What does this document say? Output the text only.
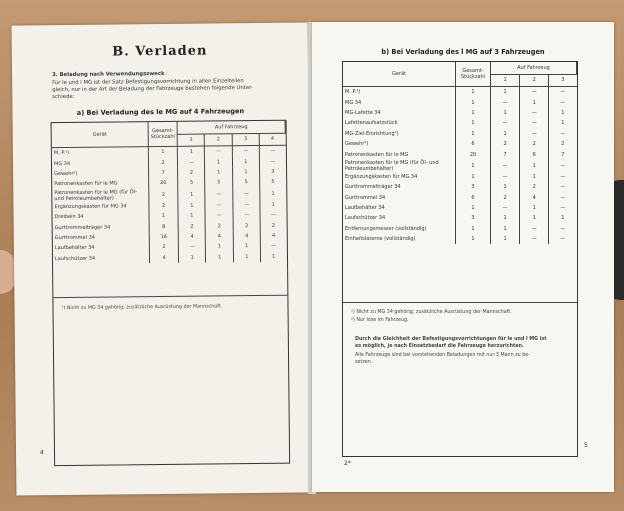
B. Verladen
3. Beladung nach Verwendungszweck
Für le und l MG ist der Satz Befestigungsvorrichtung in allen Einzelteilen
gleich, nur in der Art der Beladung der Fahrzeuge bestehen folgende Unter-
schiede:
a) Bei Verladung des le MG auf 4 Fahrzeugen
Gerät	Gesamt-Stückzahl	Auf Fahrzeug			
		1	2	3	4
M. P.¹)	1	1	—	—	—
MG 34	2	—	1	1	—
Gewehr²)	7	2	1	1	3
Patronenkasten für le MG	20	5	5	5	5
Patronenkasten für le MG (für Öl- und Petroleumbehälter)	2	1	—	—	1
Ergänzungskasten für MG 34	2	1	—	—	1
Dreibein 34	1	1	—	—	—
Gurttrommelträger 34	8	2	2	2	2
Gurttrommel 34	16	4	4	4	4
Laufbehälter 34	2	—	1	1	—
Laufschützer 34	4	1	1	1	1
¹) Nicht zu MG 34 gehörig; zusätzliche Ausrüstung der Mannschaft.
4
b) Bei Verladung des l MG auf 3 Fahrzeugen
Gerät	Gesamt-Stückzahl	Auf Fahrzeug		
		1	2	3
M. P.¹)	1	1	—	—
MG 34	1	—	1	—
MG-Lafette 34	1	1	—	1
Lafettenaufsatzstück	1	—	—	1
MG-Ziel-Einrichtung²)	1	1	—	—
Gewehr²)	6	2	2	2
Patronenkasten für le MG	20	7	6	7
Patronenkasten für le MG (für Öl- und Petroleumbehälter)	1	—	1	—
Ergänzungskasten für MG 34	1	—	1	—
Gurttrommelträger 34	3	1	2	—
Gurttrommel 34	6	2	4	—
Laufbehälter 34	1	—	1	—
Laufschützer 34	3	1	1	1
Entfernungsmesser (vollständig)	1	1	—	—
Einheitslaterne (vollständig)	1	1	—	—
¹) Nicht zu MG 34 gehörig; zusätzliche Ausrüstung der Mannschaft.
²) Nur lose im Fahrzeug.
Durch die Gleichheit der Befestigungsvorrichtungen für le und l MG ist
es möglich, je nach Einsatzbedarf die Fahrzeuge herzurichten.
Alle Fahrzeuge sind bei vorstehenden Beladungen mit nur 3 Mann zu be-
setzen.
2*
5
